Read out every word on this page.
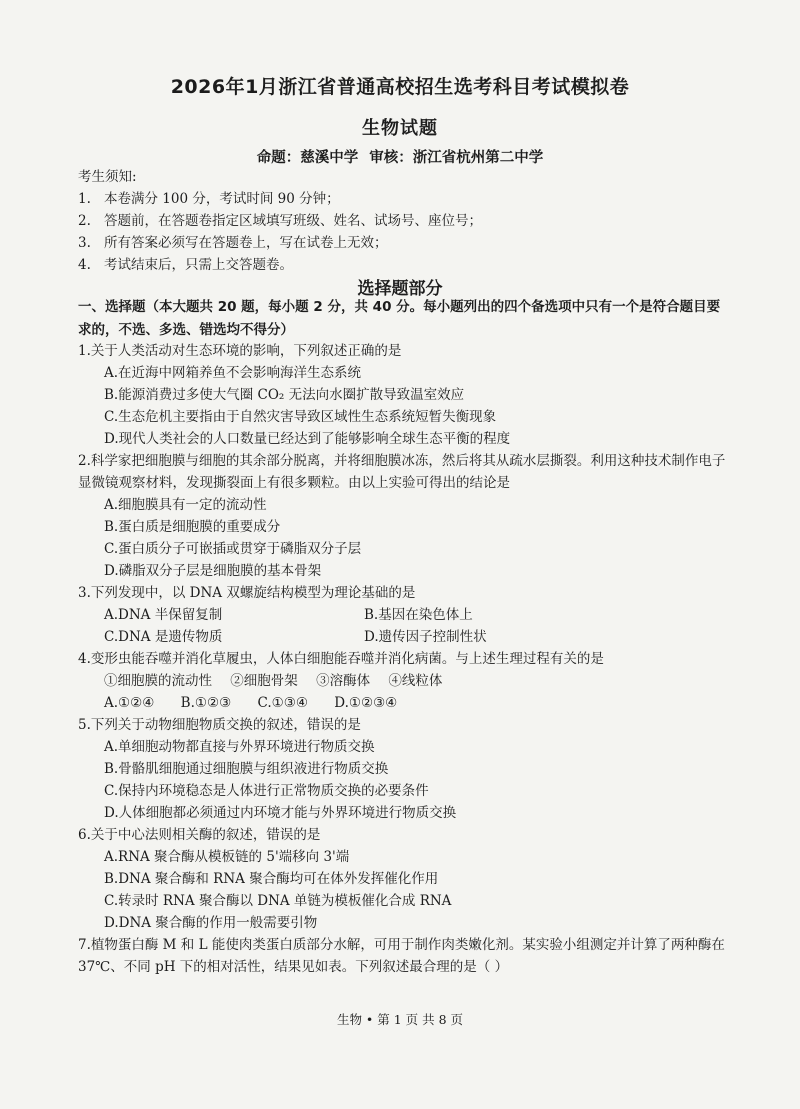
2026年1月浙江省普通高校招生选考科目考试模拟卷
生物试题
命题：慈溪中学 审核：浙江省杭州第二中学
考生须知:
1. 本卷满分 100 分，考试时间 90 分钟；
2. 答题前，在答题卷指定区域填写班级、姓名、试场号、座位号；
3. 所有答案必须写在答题卷上，写在试卷上无效；
4. 考试结束后，只需上交答题卷。
选择题部分
一、选择题（本大题共 20 题，每小题 2 分，共 40 分。每小题列出的四个备选项中只有一个是符合题目要求的，不选、多选、错选均不得分）
1.关于人类活动对生态环境的影响，下列叙述正确的是
A.在近海中网箱养鱼不会影响海洋生态系统
B.能源消费过多使大气圈 CO₂ 无法向水圈扩散导致温室效应
C.生态危机主要指由于自然灾害导致区域性生态系统短暂失衡现象
D.现代人类社会的人口数量已经达到了能够影响全球生态平衡的程度
2.科学家把细胞膜与细胞的其余部分脱离，并将细胞膜冰冻，然后将其从疏水层撕裂。利用这种技术制作电子显微镜观察材料，发现撕裂面上有很多颗粒。由以上实验可得出的结论是
A.细胞膜具有一定的流动性
B.蛋白质是细胞膜的重要成分
C.蛋白质分子可嵌插或贯穿于磷脂双分子层
D.磷脂双分子层是细胞膜的基本骨架
3.下列发现中，以 DNA 双螺旋结构模型为理论基础的是
A.DNA 半保留复制	B.基因在染色体上
C.DNA 是遗传物质	D.遗传因子控制性状
4.变形虫能吞噬并消化草履虫，人体白细胞能吞噬并消化病菌。与上述生理过程有关的是
①细胞膜的流动性 ②细胞骨架 ③溶酶体 ④线粒体
A.①②④ B.①②③ C.①③④ D.①②③④
5.下列关于动物细胞物质交换的叙述，错误的是
A.单细胞动物都直接与外界环境进行物质交换
B.骨骼肌细胞通过细胞膜与组织液进行物质交换
C.保持内环境稳态是人体进行正常物质交换的必要条件
D.人体细胞都必须通过内环境才能与外界环境进行物质交换
6.关于中心法则相关酶的叙述，错误的是
A.RNA 聚合酶从模板链的 5'端移向 3'端
B.DNA 聚合酶和 RNA 聚合酶均可在体外发挥催化作用
C.转录时 RNA 聚合酶以 DNA 单链为模板催化合成 RNA
D.DNA 聚合酶的作用一般需要引物
7.植物蛋白酶 M 和 L 能使肉类蛋白质部分水解，可用于制作肉类嫩化剂。某实验小组测定并计算了两种酶在 37℃、不同 pH 下的相对活性，结果见如表。下列叙述最合理的是（ ）
生物 • 第 1 页 共 8 页
